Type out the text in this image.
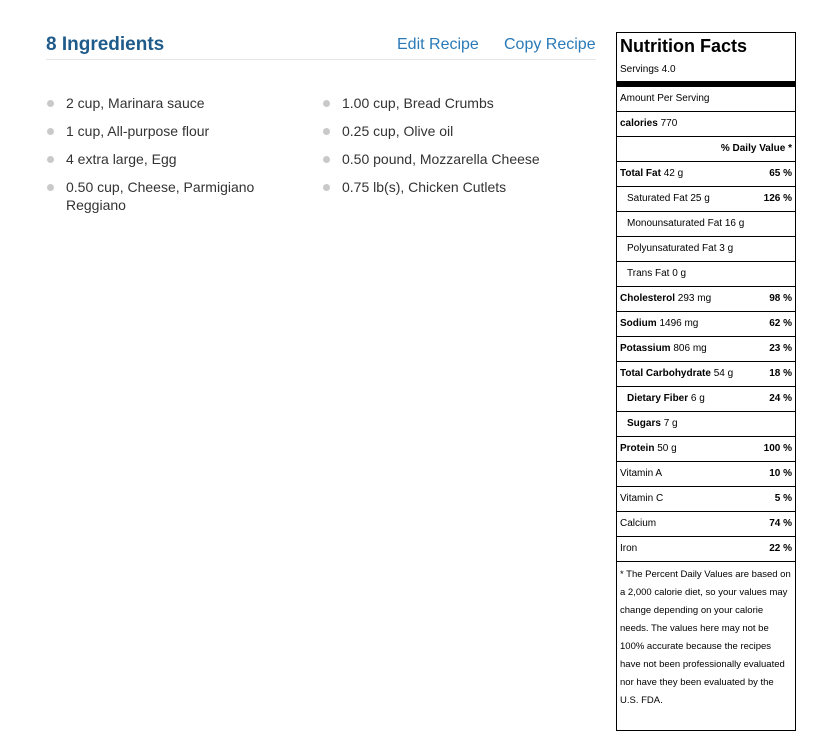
8 Ingredients	Edit Recipe Copy Recipe
2 cup, Marinara sauce
1 cup, All-purpose flour
4 extra large, Egg
0.50 cup, Cheese, Parmigiano Reggiano
1.00 cup, Bread Crumbs
0.25 cup, Olive oil
0.50 pound, Mozzarella Cheese
0.75 lb(s), Chicken Cutlets
Nutrition Facts
Servings 4.0
Amount Per Serving
calories 770
% Daily Value *
Total Fat 42 g	65 %
Saturated Fat 25 g	126 %
Monounsaturated Fat 16 g
Polyunsaturated Fat 3 g
Trans Fat 0 g
Cholesterol 293 mg	98 %
Sodium 1496 mg	62 %
Potassium 806 mg	23 %
Total Carbohydrate 54 g	18 %
Dietary Fiber 6 g	24 %
Sugars 7 g
Protein 50 g	100 %
Vitamin A	10 %
Vitamin C	5 %
Calcium	74 %
Iron	22 %
* The Percent Daily Values are based on a 2,000 calorie diet, so your values may change depending on your calorie needs. The values here may not be 100% accurate because the recipes have not been professionally evaluated nor have they been evaluated by the U.S. FDA.
